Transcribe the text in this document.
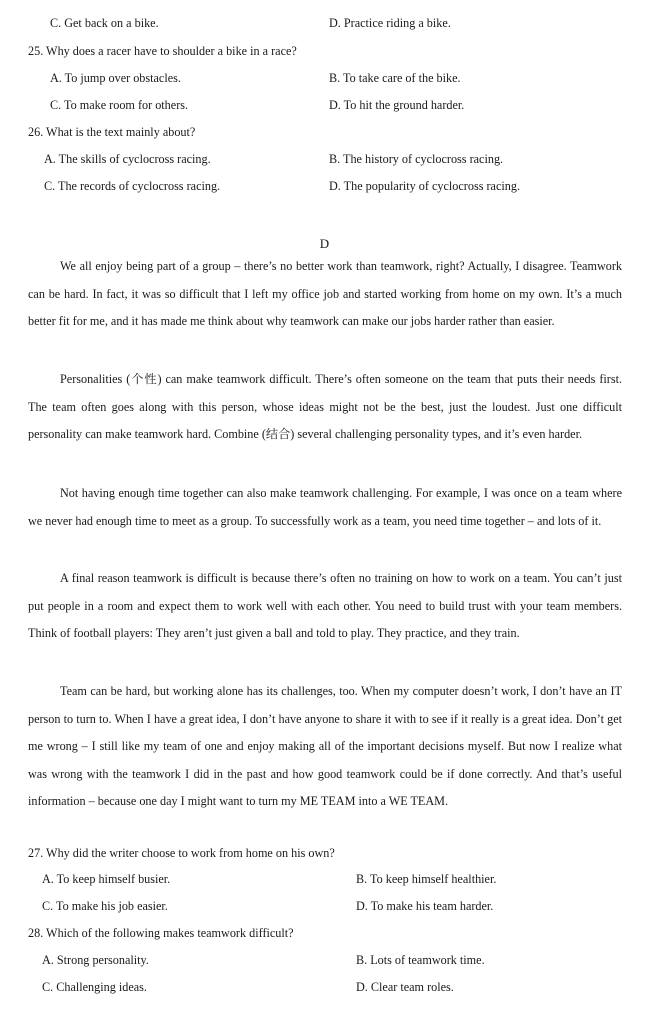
C. Get back on a bike.	D. Practice riding a bike.
25. Why does a racer have to shoulder a bike in a race?
A. To jump over obstacles.	B. To take care of the bike.
C. To make room for others.	D. To hit the ground harder.
26. What is the text mainly about?
A. The skills of cyclocross racing.	B. The history of cyclocross racing.
C. The records of cyclocross racing.	D. The popularity of cyclocross racing.
D

We all enjoy being part of a group – there’s no better work than teamwork, right? Actually, I disagree. Teamwork can be hard. In fact, it was so difficult that I left my office job and started working from home on my own. It’s a much better fit for me, and it has made me think about why teamwork can make our jobs harder rather than easier.

Personalities (个性) can make teamwork difficult. There’s often someone on the team that puts their needs first. The team often goes along with this person, whose ideas might not be the best, just the loudest. Just one difficult personality can make teamwork hard. Combine (结合) several challenging personality types, and it’s even harder.

Not having enough time together can also make teamwork challenging. For example, I was once on a team where we never had enough time to meet as a group. To successfully work as a team, you need time together – and lots of it.

A final reason teamwork is difficult is because there’s often no training on how to work on a team. You can’t just put people in a room and expect them to work well with each other. You need to build trust with your team members. Think of football players: They aren’t just given a ball and told to play. They practice, and they train.

Team can be hard, but working alone has its challenges, too. When my computer doesn’t work, I don’t have an IT person to turn to. When I have a great idea, I don’t have anyone to share it with to see if it really is a great idea. Don’t get me wrong – I still like my team of one and enjoy making all of the important decisions myself. But now I realize what was wrong with the teamwork I did in the past and how good teamwork could be if done correctly. And that’s useful information – because one day I might want to turn my ME TEAM into a WE TEAM.

27. Why did the writer choose to work from home on his own?
A. To keep himself busier.	B. To keep himself healthier.
C. To make his job easier.	D. To make his team harder.
28. Which of the following makes teamwork difficult?
A. Strong personality.	B. Lots of teamwork time.
C. Challenging ideas.	D. Clear team roles.
